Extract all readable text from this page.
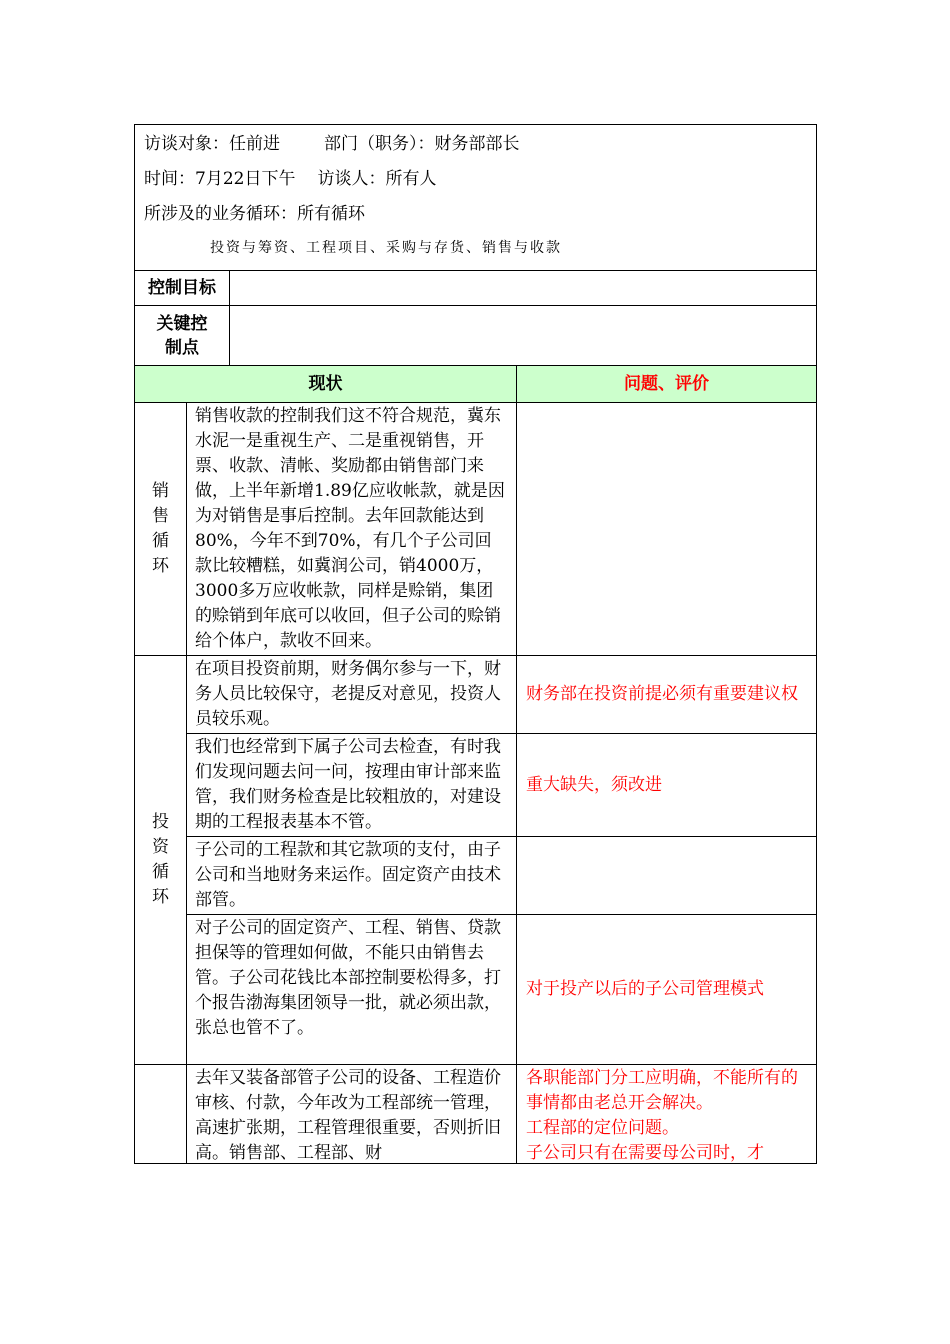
访谈对象：任前进 部门（职务）：财务部部长

时间：7月22日下午 访谈人：所有人

所涉及的业务循环：所有循环

投资与筹资、工程项目、采购与存货、销售与收款			

控制目标			

关键控制点			

现状			问题、评价
销售循环	销售收款的控制我们这不符合规范，冀东水泥一是重视生产、二是重视销售，开票、收款、清帐、奖励都由销售部门来做，上半年新增1.89亿应收帐款，就是因为对销售是事后控制。去年回款能达到80%，今年不到70%，有几个子公司回款比较糟糕，如冀润公司，销4000万，3000多万应收帐款，同样是赊销，集团的赊销到年底可以收回，但子公司的赊销给个体户，款收不回来。		
投资循环	在项目投资前期，财务偶尔参与一下，财务人员比较保守，老提反对意见，投资人员较乐观。		财务部在投资前提必须有重要建议权
	我们也经常到下属子公司去检查，有时我们发现问题去问一问，按理由审计部来监管，我们财务检查是比较粗放的，对建设期的工程报表基本不管。		重大缺失，须改进
	子公司的工程款和其它款项的支付，由子公司和当地财务来运作。固定资产由技术部管。		
	对子公司的固定资产、工程、销售、贷款担保等的管理如何做，不能只由销售去管。子公司花钱比本部控制要松得多，打个报告渤海集团领导一批，就必须出款，张总也管不了。		对于投产以后的子公司管理模式

	去年又装备部管子公司的设备、工程造价审核、付款，今年改为工程部统一管理，高速扩张期，工程管理很重要，否则折旧高。销售部、工程部、财		各职能部门分工应明确，不能所有的事情都由老总开会解决。
工程部的定位问题。
子公司只有在需要母公司时，才
